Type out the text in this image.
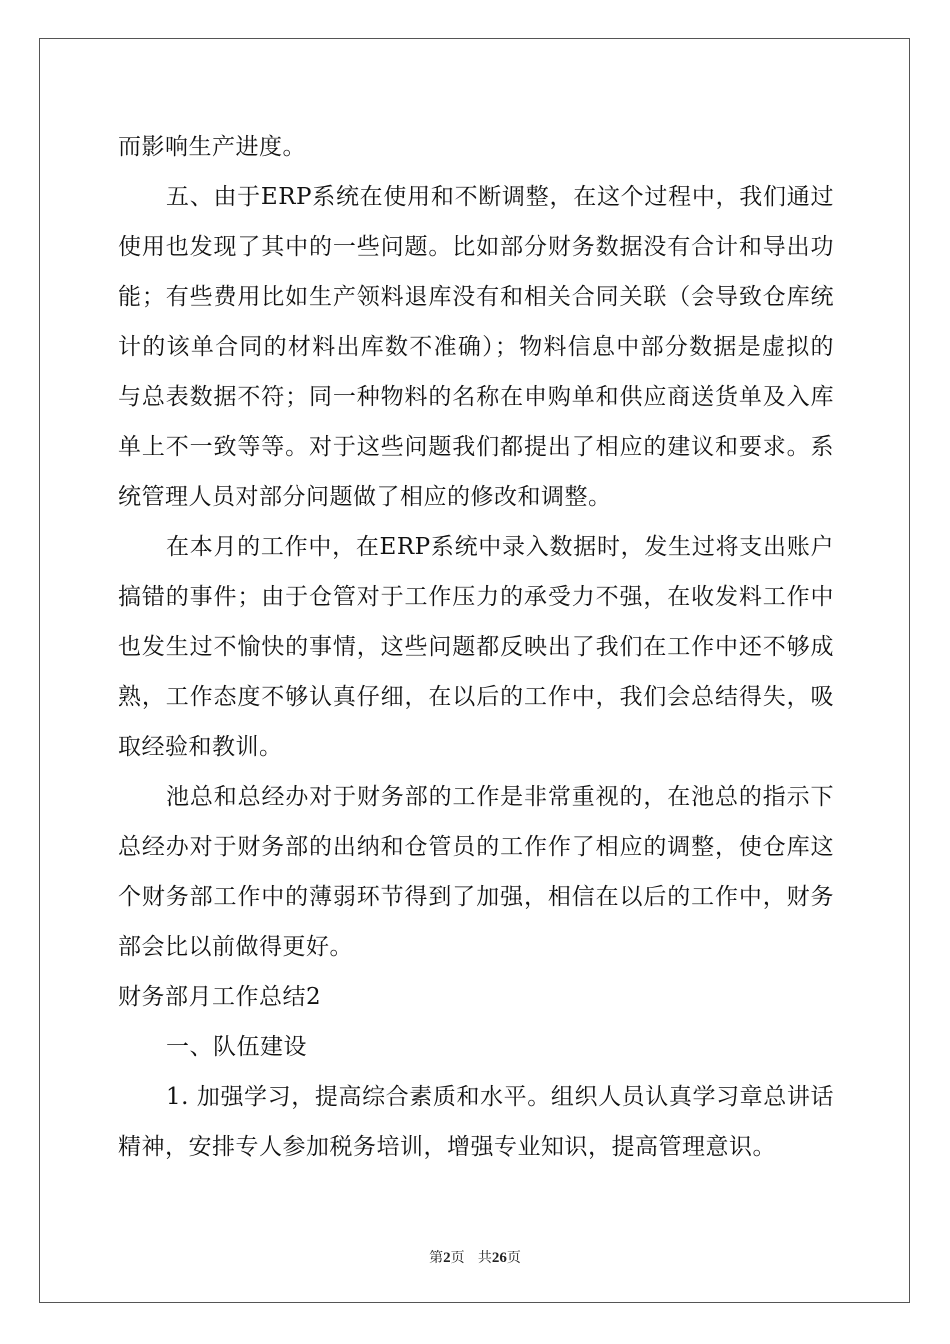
而影响生产进度。

五、由于ERP系统在使用和不断调整，在这个过程中，我们通过使用也发现了其中的一些问题。比如部分财务数据没有合计和导出功能；有些费用比如生产领料退库没有和相关合同关联（会导致仓库统计的该单合同的材料出库数不准确）；物料信息中部分数据是虚拟的与总表数据不符；同一种物料的名称在申购单和供应商送货单及入库单上不一致等等。对于这些问题我们都提出了相应的建议和要求。系统管理人员对部分问题做了相应的修改和调整。

在本月的工作中，在ERP系统中录入数据时，发生过将支出账户搞错的事件；由于仓管对于工作压力的承受力不强，在收发料工作中也发生过不愉快的事情，这些问题都反映出了我们在工作中还不够成熟，工作态度不够认真仔细，在以后的工作中，我们会总结得失，吸取经验和教训。

池总和总经办对于财务部的工作是非常重视的，在池总的指示下总经办对于财务部的出纳和仓管员的工作作了相应的调整，使仓库这个财务部工作中的薄弱环节得到了加强，相信在以后的工作中，财务部会比以前做得更好。

财务部月工作总结2

一、队伍建设

1. 加强学习，提高综合素质和水平。组织人员认真学习章总讲话精神，安排专人参加税务培训，增强专业知识，提高管理意识。

第2页   共26页
